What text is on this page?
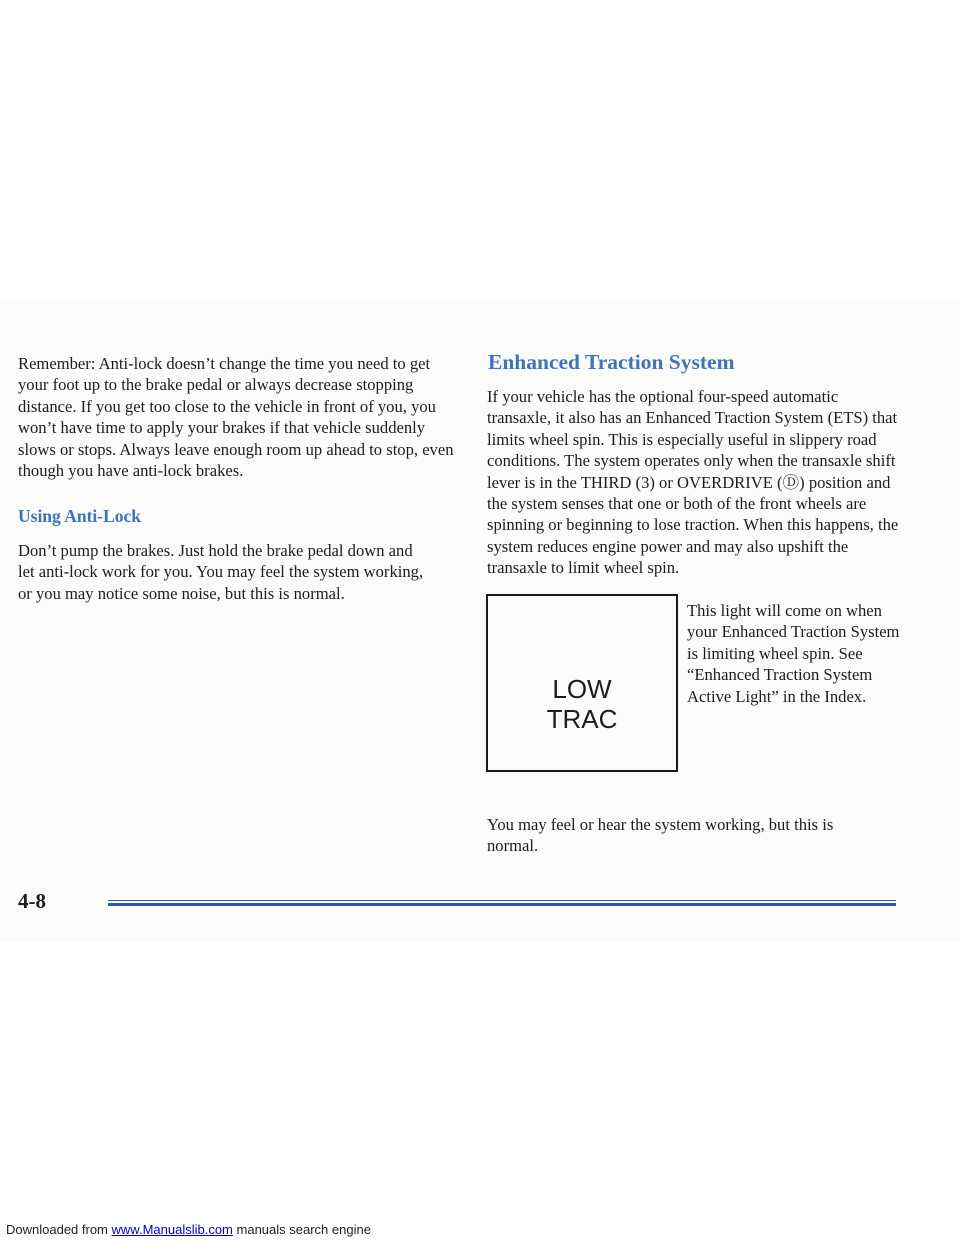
Remember: Anti-lock doesn’t change the time you need to get your foot up to the brake pedal or always decrease stopping distance. If you get too close to the vehicle in front of you, you won’t have time to apply your brakes if that vehicle suddenly slows or stops. Always leave enough room up ahead to stop, even though you have anti-lock brakes.

Using Anti-Lock

Don’t pump the brakes. Just hold the brake pedal down and let anti-lock work for you. You may feel the system working, or you may notice some noise, but this is normal.

Enhanced Traction System

If your vehicle has the optional four-speed automatic transaxle, it also has an Enhanced Traction System (ETS) that limits wheel spin. This is especially useful in slippery road conditions. The system operates only when the transaxle shift lever is in the THIRD (3) or OVERDRIVE (Ⓓ) position and the system senses that one or both of the front wheels are spinning or beginning to lose traction. When this happens, the system reduces engine power and may also upshift the transaxle to limit wheel spin.

LOW
TRAC

This light will come on when your Enhanced Traction System is limiting wheel spin. See “Enhanced Traction System Active Light” in the Index.

You may feel or hear the system working, but this is normal.

4-8
Downloaded from www.Manualslib.com manuals search engine
